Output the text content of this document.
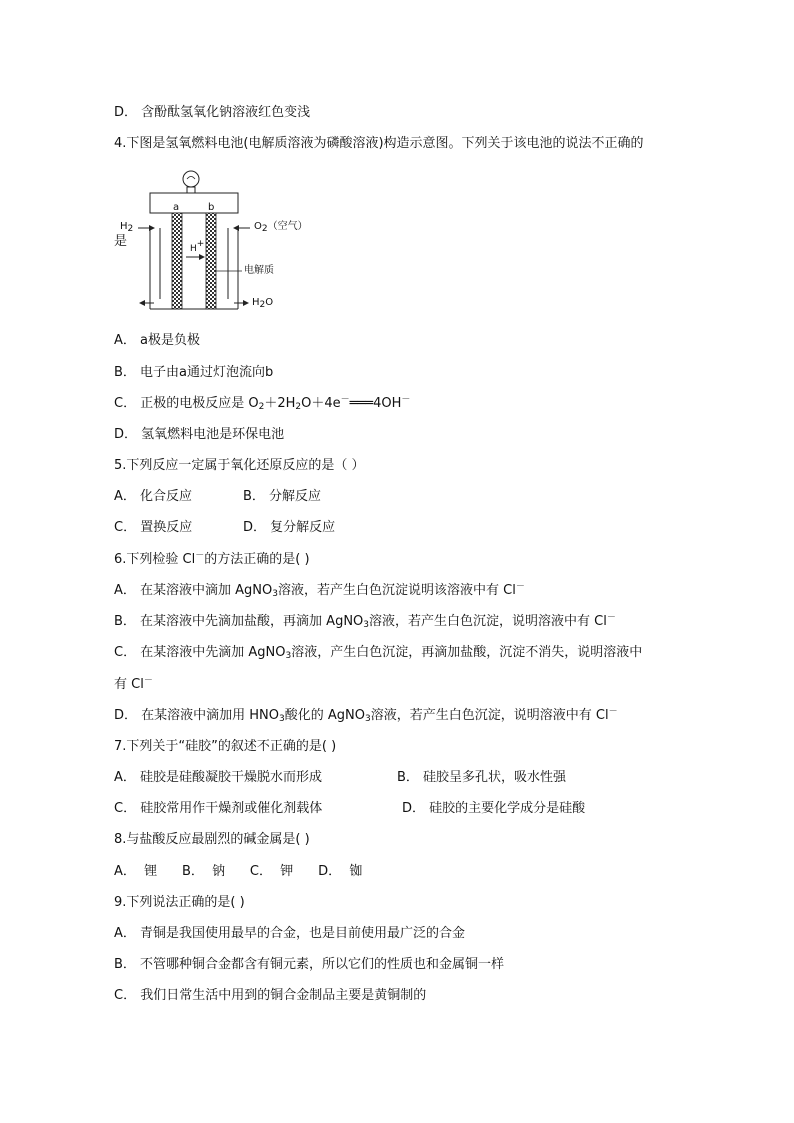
D． 含酚酞氢氧化钠溶液红色变浅
4.下图是氢氧燃料电池(电解质溶液为磷酸溶液)构造示意图。下列关于该电池的说法不正确的
是
a	b
$H_2$	$O_2$（空气）
H+
电解质
$H_2O$
A． a极是负极
B． 电子由a通过灯泡流向b
C． 正极的电极反应是 $O_2+2H_2O+4e^-═══4OH^-$
D． 氢氧燃料电池是环保电池
5.下列反应一定属于氧化还原反应的是（ ）
A． 化合反应	B． 分解反应
C． 置换反应	D． 复分解反应
6.下列检验 Cl－的方法正确的是( )
A． 在某溶液中滴加 AgNO$_3$溶液，若产生白色沉淀说明该溶液中有 Cl－
B． 在某溶液中先滴加盐酸，再滴加 AgNO$_3$溶液，若产生白色沉淀，说明溶液中有 Cl－
C． 在某溶液中先滴加 AgNO$_3$溶液，产生白色沉淀，再滴加盐酸，沉淀不消失，说明溶液中
有 Cl－
D． 在某溶液中滴加用 $HNO_3$酸化的 AgNO$_3$溶液，若产生白色沉淀，说明溶液中有 Cl－
7.下列关于“硅胶”的叙述不正确的是( )
A． 硅胶是硅酸凝胶干燥脱水而形成	B． 硅胶呈多孔状，吸水性强
C． 硅胶常用作干燥剂或催化剂载体	D． 硅胶的主要化学成分是硅酸
8.与盐酸反应最剧烈的碱金属是( )
A．  锂      B．  钠      C．  钾      D．  铷
9.下列说法正确的是( )
A． 青铜是我国使用最早的合金，也是目前使用最广泛的合金
B． 不管哪种铜合金都含有铜元素，所以它们的性质也和金属铜一样
C． 我们日常生活中用到的铜合金制品主要是黄铜制的
